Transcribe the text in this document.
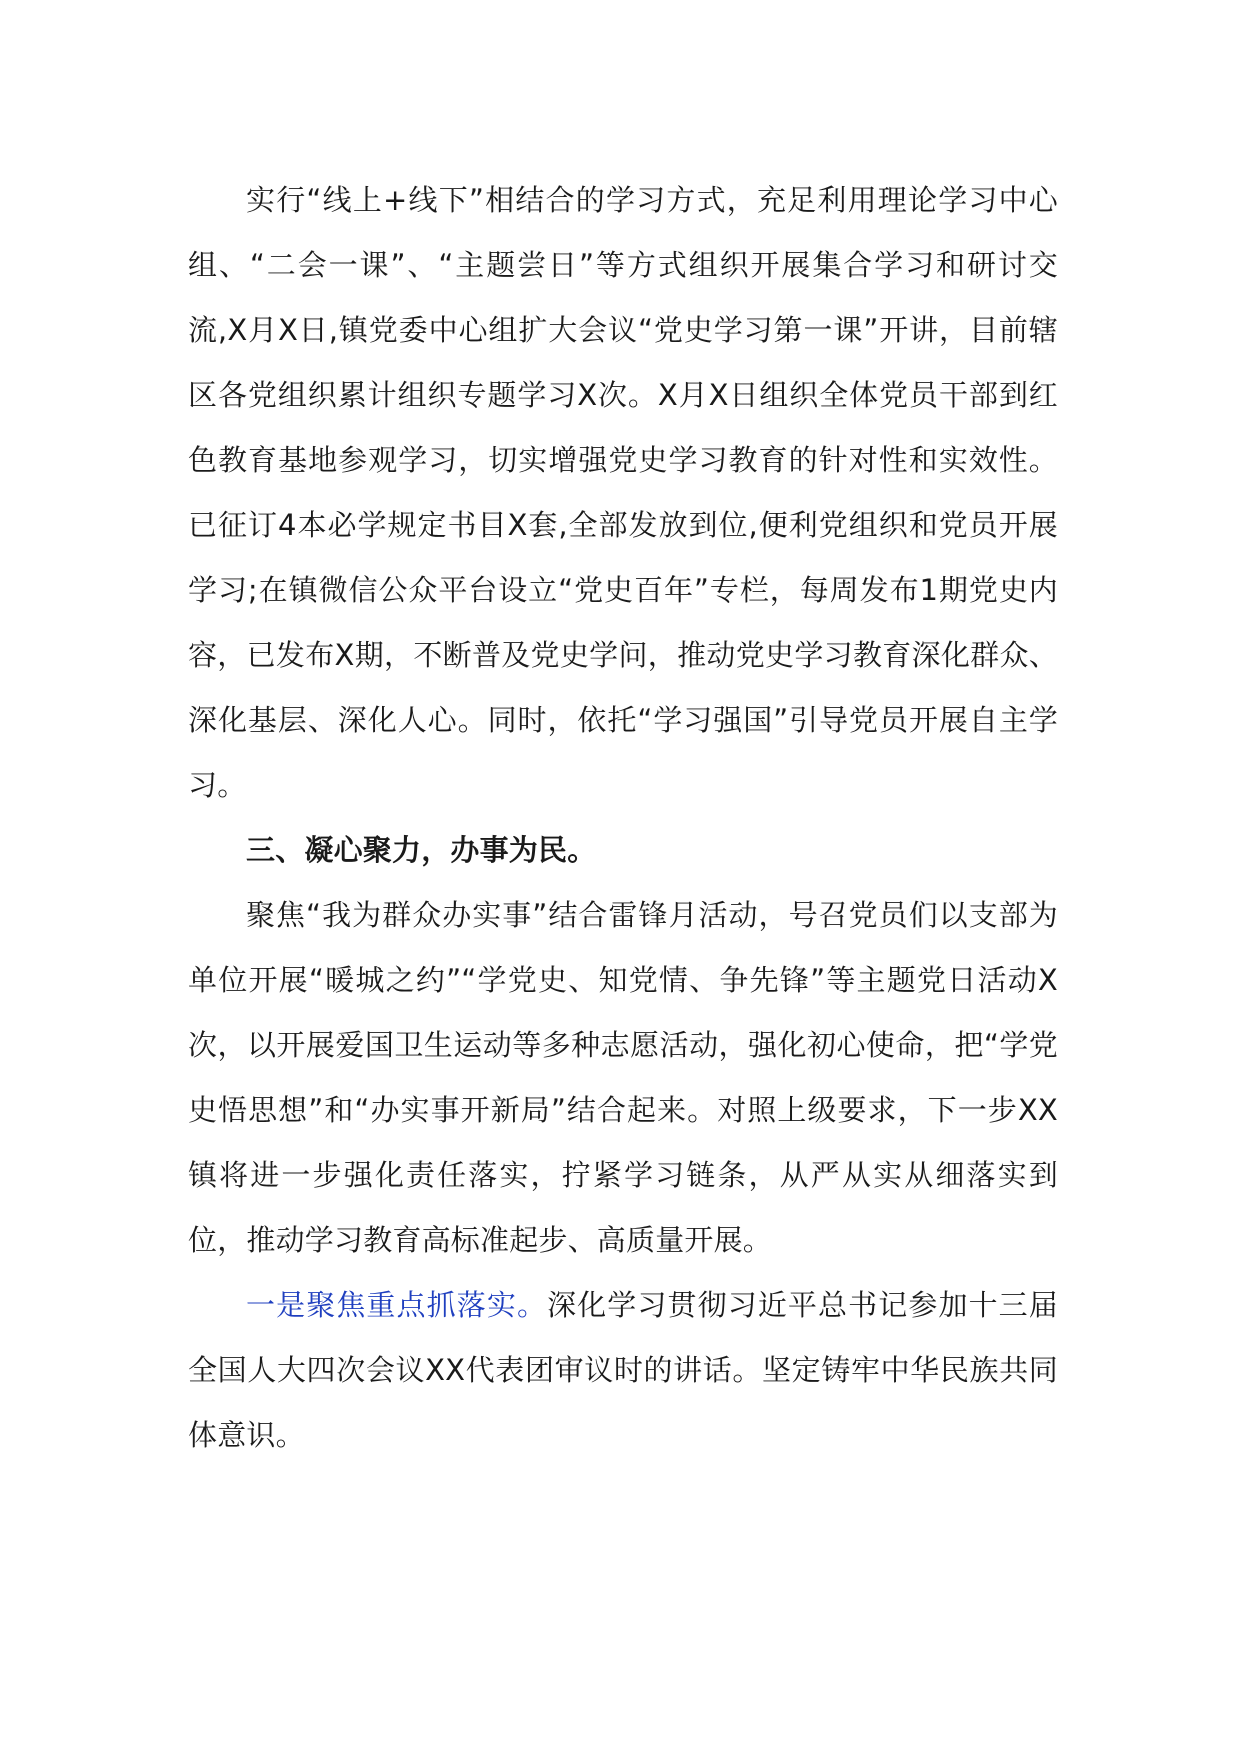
实行“线上+线下”相结合的学习方式，充足利用理论学习中心组、“二会一课”、“主题尝日”等方式组织开展集合学习和研讨交流,X月X日,镇党委中心组扩大会议“党史学习第一课”开讲，目前辖区各党组织累计组织专题学习X次。X月X日组织全体党员干部到红色教育基地参观学习，切实增强党史学习教育的针对性和实效性。已征订4本必学规定书目X套,全部发放到位,便利党组织和党员开展学习;在镇微信公众平台设立“党史百年”专栏，每周发布1期党史内容，已发布X期，不断普及党史学问，推动党史学习教育深化群众、深化基层、深化人心。同时，依托“学习强国”引导党员开展自主学习。

三、凝心聚力，办事为民。

聚焦“我为群众办实事”结合雷锋月活动，号召党员们以支部为单位开展“暖城之约”“学党史、知党情、争先锋”等主题党日活动X次，以开展爱国卫生运动等多种志愿活动，强化初心使命，把“学党史悟思想”和“办实事开新局”结合起来。对照上级要求，下一步XX镇将进一步强化责任落实，拧紧学习链条，从严从实从细落实到位，推动学习教育高标准起步、高质量开展。

一是聚焦重点抓落实。深化学习贯彻习近平总书记参加十三届全国人大四次会议XX代表团审议时的讲话。坚定铸牢中华民族共同体意识。
